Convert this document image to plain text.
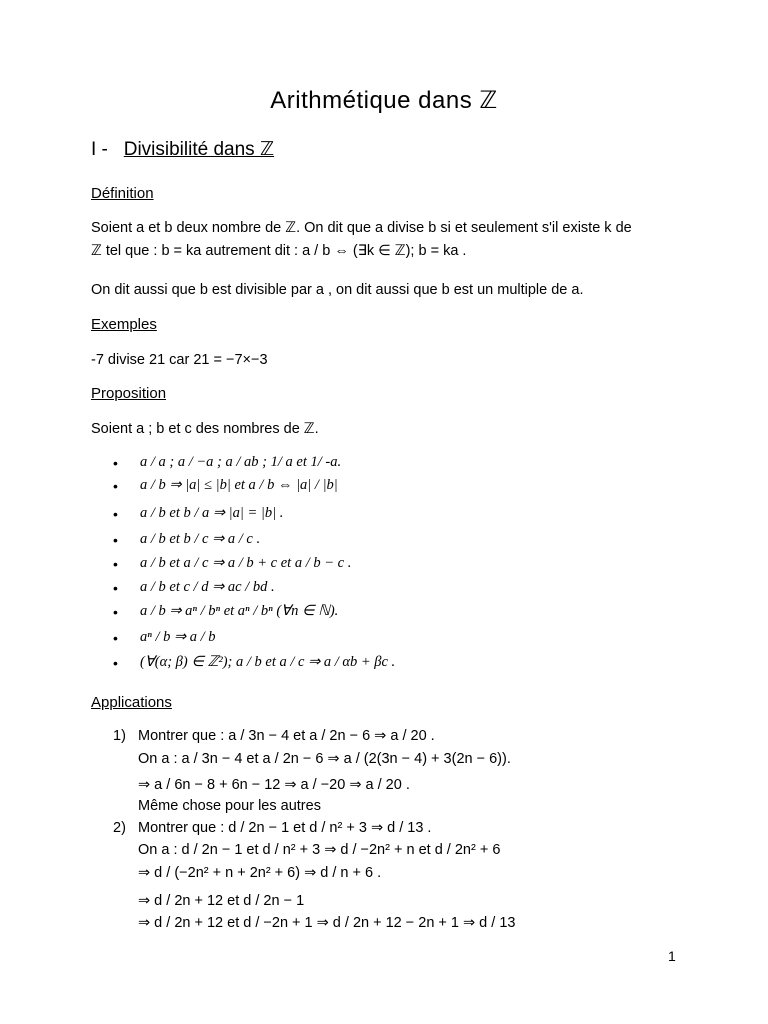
Arithmétique dans ℤ
I - Divisibilité dans ℤ
Définition
Soient a et b deux nombre de ℤ. On dit que a divise b si et seulement s'il existe k de
ℤ tel que : b = ka autrement dit : a / b ⇔ (∃k ∈ ℤ); b = ka .
On dit aussi que b est divisible par a , on dit aussi que b est un multiple de a.
Exemples
-7 divise 21 car 21 = −7×−3
Proposition
Soient a ; b et c des nombres de ℤ.
• a / a ; a / −a ; a / ab ; 1/ a et 1/ -a.
• a / b ⇒ |a| ≤ |b| et a / b ⇔ |a| / |b|
• a / b et b / a ⇒ |a| = |b| .
• a / b et b / c ⇒ a / c .
• a / b et a / c ⇒ a / b + c et a / b − c .
• a / b et c / d ⇒ ac / bd .
• a / b ⇒ aⁿ / bⁿ et aⁿ / bⁿ (∀n ∈ ℕ).
• aⁿ / b ⇒ a / b
• (∀(α; β) ∈ ℤ²); a / b et a / c ⇒ a / αb + βc .
Applications
1) Montrer que : a / 3n − 4 et a / 2n − 6 ⇒ a / 20 .
On a : a / 3n − 4 et a / 2n − 6 ⇒ a / (2(3n − 4) + 3(2n − 6)).
⇒ a / 6n − 8 + 6n − 12 ⇒ a / −20 ⇒ a / 20 .
Même chose pour les autres
2) Montrer que : d / 2n − 1 et d / n² + 3 ⇒ d / 13 .
On a : d / 2n − 1 et d / n² + 3 ⇒ d / −2n² + n et d / 2n² + 6
⇒ d / (−2n² + n + 2n² + 6) ⇒ d / n + 6 .
⇒ d / 2n + 12 et d / 2n − 1
⇒ d / 2n + 12 et d / −2n + 1 ⇒ d / 2n + 12 − 2n + 1 ⇒ d / 13
1
